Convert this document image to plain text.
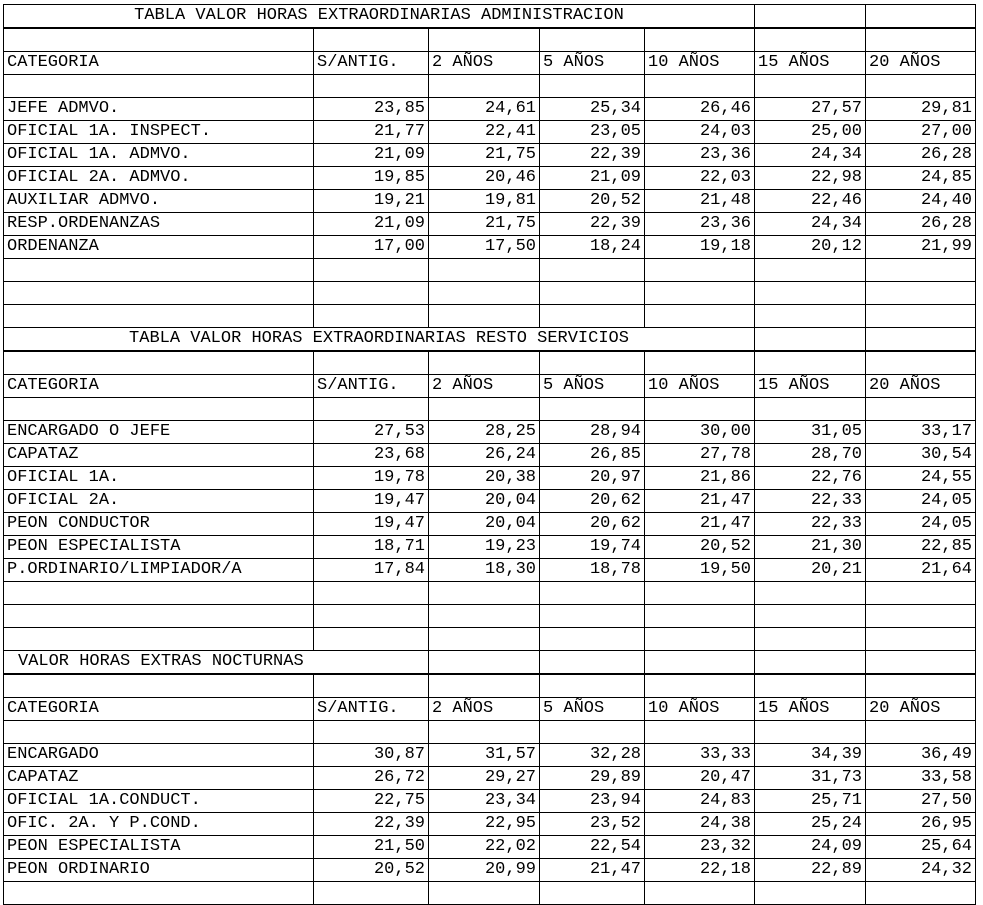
TABLA VALOR HORAS EXTRAORDINARIAS ADMINISTRACION						

CATEGORIA	S/ANTIG.	2 AÑOS	5 AÑOS	10 AÑOS	15 AÑOS	20 AÑOS

JEFE ADMVO.	23,85	24,61	25,34	26,46	27,57	29,81
OFICIAL 1A. INSPECT.	21,77	22,41	23,05	24,03	25,00	27,00
OFICIAL 1A. ADMVO.	21,09	21,75	22,39	23,36	24,34	26,28
OFICIAL 2A. ADMVO.	19,85	20,46	21,09	22,03	22,98	24,85
AUXILIAR ADMVO.	19,21	19,81	20,52	21,48	22,46	24,40
RESP.ORDENANZAS	21,09	21,75	22,39	23,36	24,34	26,28
ORDENANZA	17,00	17,50	18,24	19,18	20,12	21,99

TABLA VALOR HORAS EXTRAORDINARIAS RESTO SERVICIOS						

CATEGORIA	S/ANTIG.	2 AÑOS	5 AÑOS	10 AÑOS	15 AÑOS	20 AÑOS

ENCARGADO O JEFE	27,53	28,25	28,94	30,00	31,05	33,17
CAPATAZ	23,68	26,24	26,85	27,78	28,70	30,54
OFICIAL 1A.	19,78	20,38	20,97	21,86	22,76	24,55
OFICIAL 2A.	19,47	20,04	20,62	21,47	22,33	24,05
PEON CONDUCTOR	19,47	20,04	20,62	21,47	22,33	24,05
PEON ESPECIALISTA	18,71	19,23	19,74	20,52	21,30	22,85
P.ORDINARIO/LIMPIADOR/A	17,84	18,30	18,78	19,50	20,21	21,64

VALOR HORAS EXTRAS NOCTURNAS						

CATEGORIA	S/ANTIG.	2 AÑOS	5 AÑOS	10 AÑOS	15 AÑOS	20 AÑOS

ENCARGADO	30,87	31,57	32,28	33,33	34,39	36,49
CAPATAZ	26,72	29,27	29,89	20,47	31,73	33,58
OFICIAL 1A.CONDUCT.	22,75	23,34	23,94	24,83	25,71	27,50
OFIC. 2A. Y P.COND.	22,39	22,95	23,52	24,38	25,24	26,95
PEON ESPECIALISTA	21,50	22,02	22,54	23,32	24,09	25,64
PEON ORDINARIO	20,52	20,99	21,47	22,18	22,89	24,32
